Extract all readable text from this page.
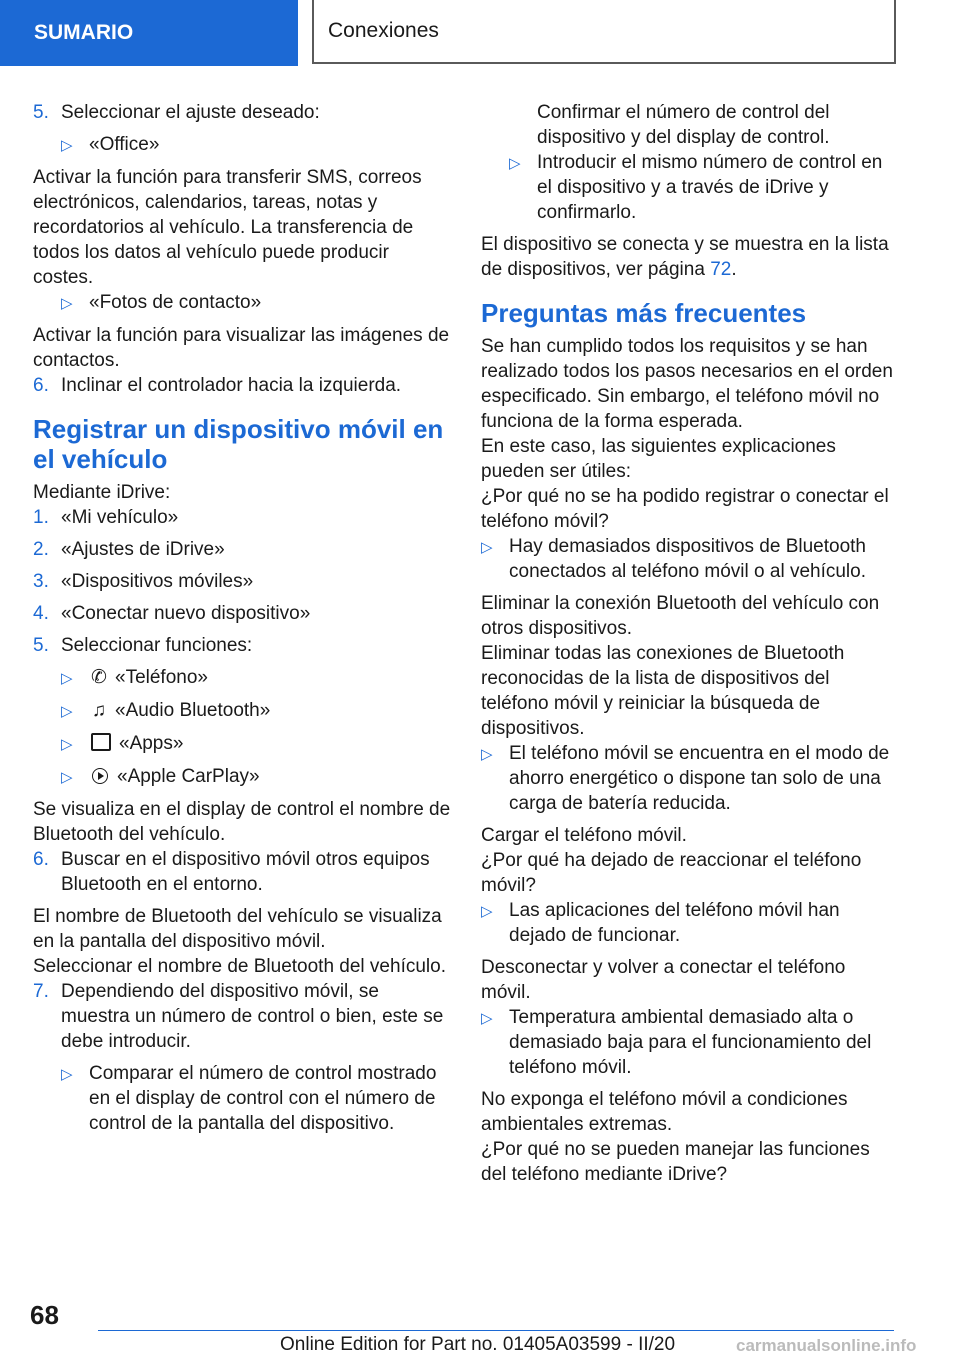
SUMARIO	Conexiones
5. Seleccionar el ajuste deseado:
▷ «Office»

Activar la función para transferir SMS, correos electrónicos, calendarios, tareas, notas y recordatorios al vehículo. La transferencia de todos los datos al vehículo puede producir costes.

▷ «Fotos de contacto»

Activar la función para visualizar las imágenes de contactos.

6. Inclinar el controlador hacia la izquierda.
Registrar un dispositivo móvil en el vehículo

Mediante iDrive:

1. «Mi vehículo»
2. «Ajustes de iDrive»
3. «Dispositivos móviles»
4. «Conectar nuevo dispositivo»
5. Seleccionar funciones:
▷ ✆ «Teléfono»
▷	♫ «Audio Bluetooth»
▷	«Apps»
▷	«Apple CarPlay»

Se visualiza en el display de control el nombre de Bluetooth del vehículo.

6. Buscar en el dispositivo móvil otros equipos Bluetooth en el entorno.

El nombre de Bluetooth del vehículo se visualiza en la pantalla del dispositivo móvil.

Seleccionar el nombre de Bluetooth del vehículo.

7. Dependiendo del dispositivo móvil, se muestra un número de control o bien, este se debe introducir.
▷ Comparar el número de control mostrado en el display de control con el número de control de la pantalla del dispositivo.

Confirmar el número de control del dispositivo y del display de control.

▷ Introducir el mismo número de control en el dispositivo y a través de iDrive y confirmarlo.

El dispositivo se conecta y se muestra en la lista de dispositivos, ver página 72.

Preguntas más frecuentes

Se han cumplido todos los requisitos y se han realizado todos los pasos necesarios en el orden especificado. Sin embargo, el teléfono móvil no funciona de la forma esperada.

En este caso, las siguientes explicaciones pueden ser útiles:

¿Por qué no se ha podido registrar o conectar el teléfono móvil?

▷ Hay demasiados dispositivos de Bluetooth conectados al teléfono móvil o al vehículo.

Eliminar la conexión Bluetooth del vehículo con otros dispositivos.

Eliminar todas las conexiones de Bluetooth reconocidas de la lista de dispositivos del teléfono móvil y reiniciar la búsqueda de dispositivos.

▷ El teléfono móvil se encuentra en el modo de ahorro energético o dispone tan solo de una carga de batería reducida.

Cargar el teléfono móvil.

¿Por qué ha dejado de reaccionar el teléfono móvil?

▷ Las aplicaciones del teléfono móvil han dejado de funcionar.

Desconectar y volver a conectar el teléfono móvil.

▷ Temperatura ambiental demasiado alta o demasiado baja para el funcionamiento del teléfono móvil.

No exponga el teléfono móvil a condiciones ambientales extremas.

¿Por qué no se pueden manejar las funciones del teléfono mediante iDrive?

68
Online Edition for Part no. 01405A03599 - II/20	carmanualsonline.info
